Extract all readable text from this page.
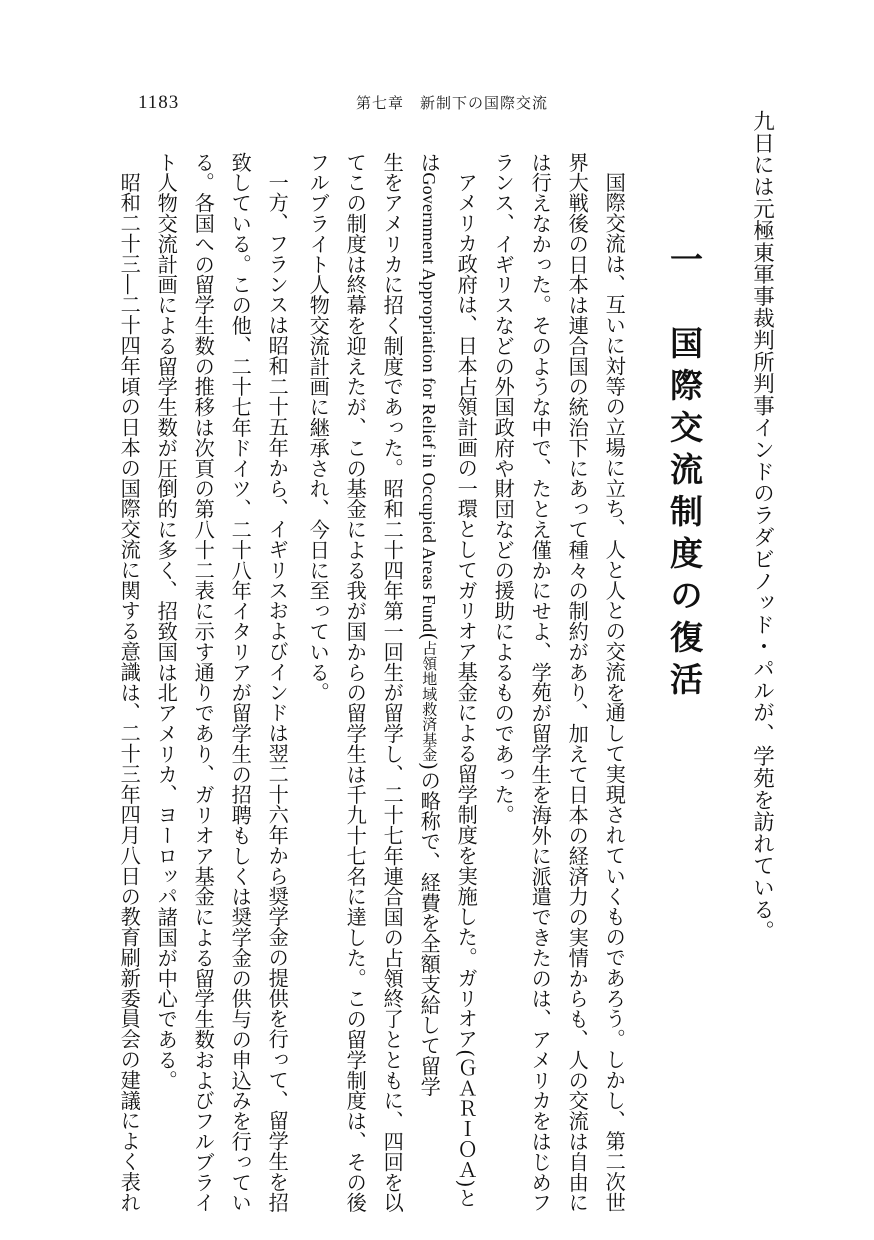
1183	第七章　新制下の国際交流
九日には元極東軍事裁判所判事インドのラダビノッド・パルが、学苑を訪れている。
一　国際交流制度の復活
国際交流は、互いに対等の立場に立ち、人と人との交流を通して実現されていくものであろう。しかし、第二次世
界大戦後の日本は連合国の統治下にあって種々の制約があり、加えて日本の経済力の実情からも、人の交流は自由に
は行えなかった。そのような中で、たとえ僅かにせよ、学苑が留学生を海外に派遣できたのは、アメリカをはじめフ
ランス、イギリスなどの外国政府や財団などの援助によるものであった。
アメリカ政府は、日本占領計画の一環としてガリオア基金による留学制度を実施した。ガリオア(ＧＡＲＩＯＡ)と
はGovernment Appropriation for Relief in Occupied Areas Fund(占領地域救済基金)の略称で、経費を全額支給して留学
生をアメリカに招く制度であった。昭和二十四年第一回生が留学し、二十七年連合国の占領終了とともに、四回を以
てこの制度は終幕を迎えたが、この基金による我が国からの留学生は千九十七名に達した。この留学制度は、その後
フルブライト人物交流計画に継承され、今日に至っている。
一方、フランスは昭和二十五年から、イギリスおよびインドは翌二十六年から奨学金の提供を行って、留学生を招
致している。この他、二十七年ドイツ、二十八年イタリアが留学生の招聘もしくは奨学金の供与の申込みを行ってい
る。各国への留学生数の推移は次頁の第八十二表に示す通りであり、ガリオア基金による留学生数およびフルブライ
ト人物交流計画による留学生数が圧倒的に多く、招致国は北アメリカ、ヨーロッパ諸国が中心である。
昭和二十三―二十四年頃の日本の国際交流に関する意識は、二十三年四月八日の教育刷新委員会の建議によく表れ
